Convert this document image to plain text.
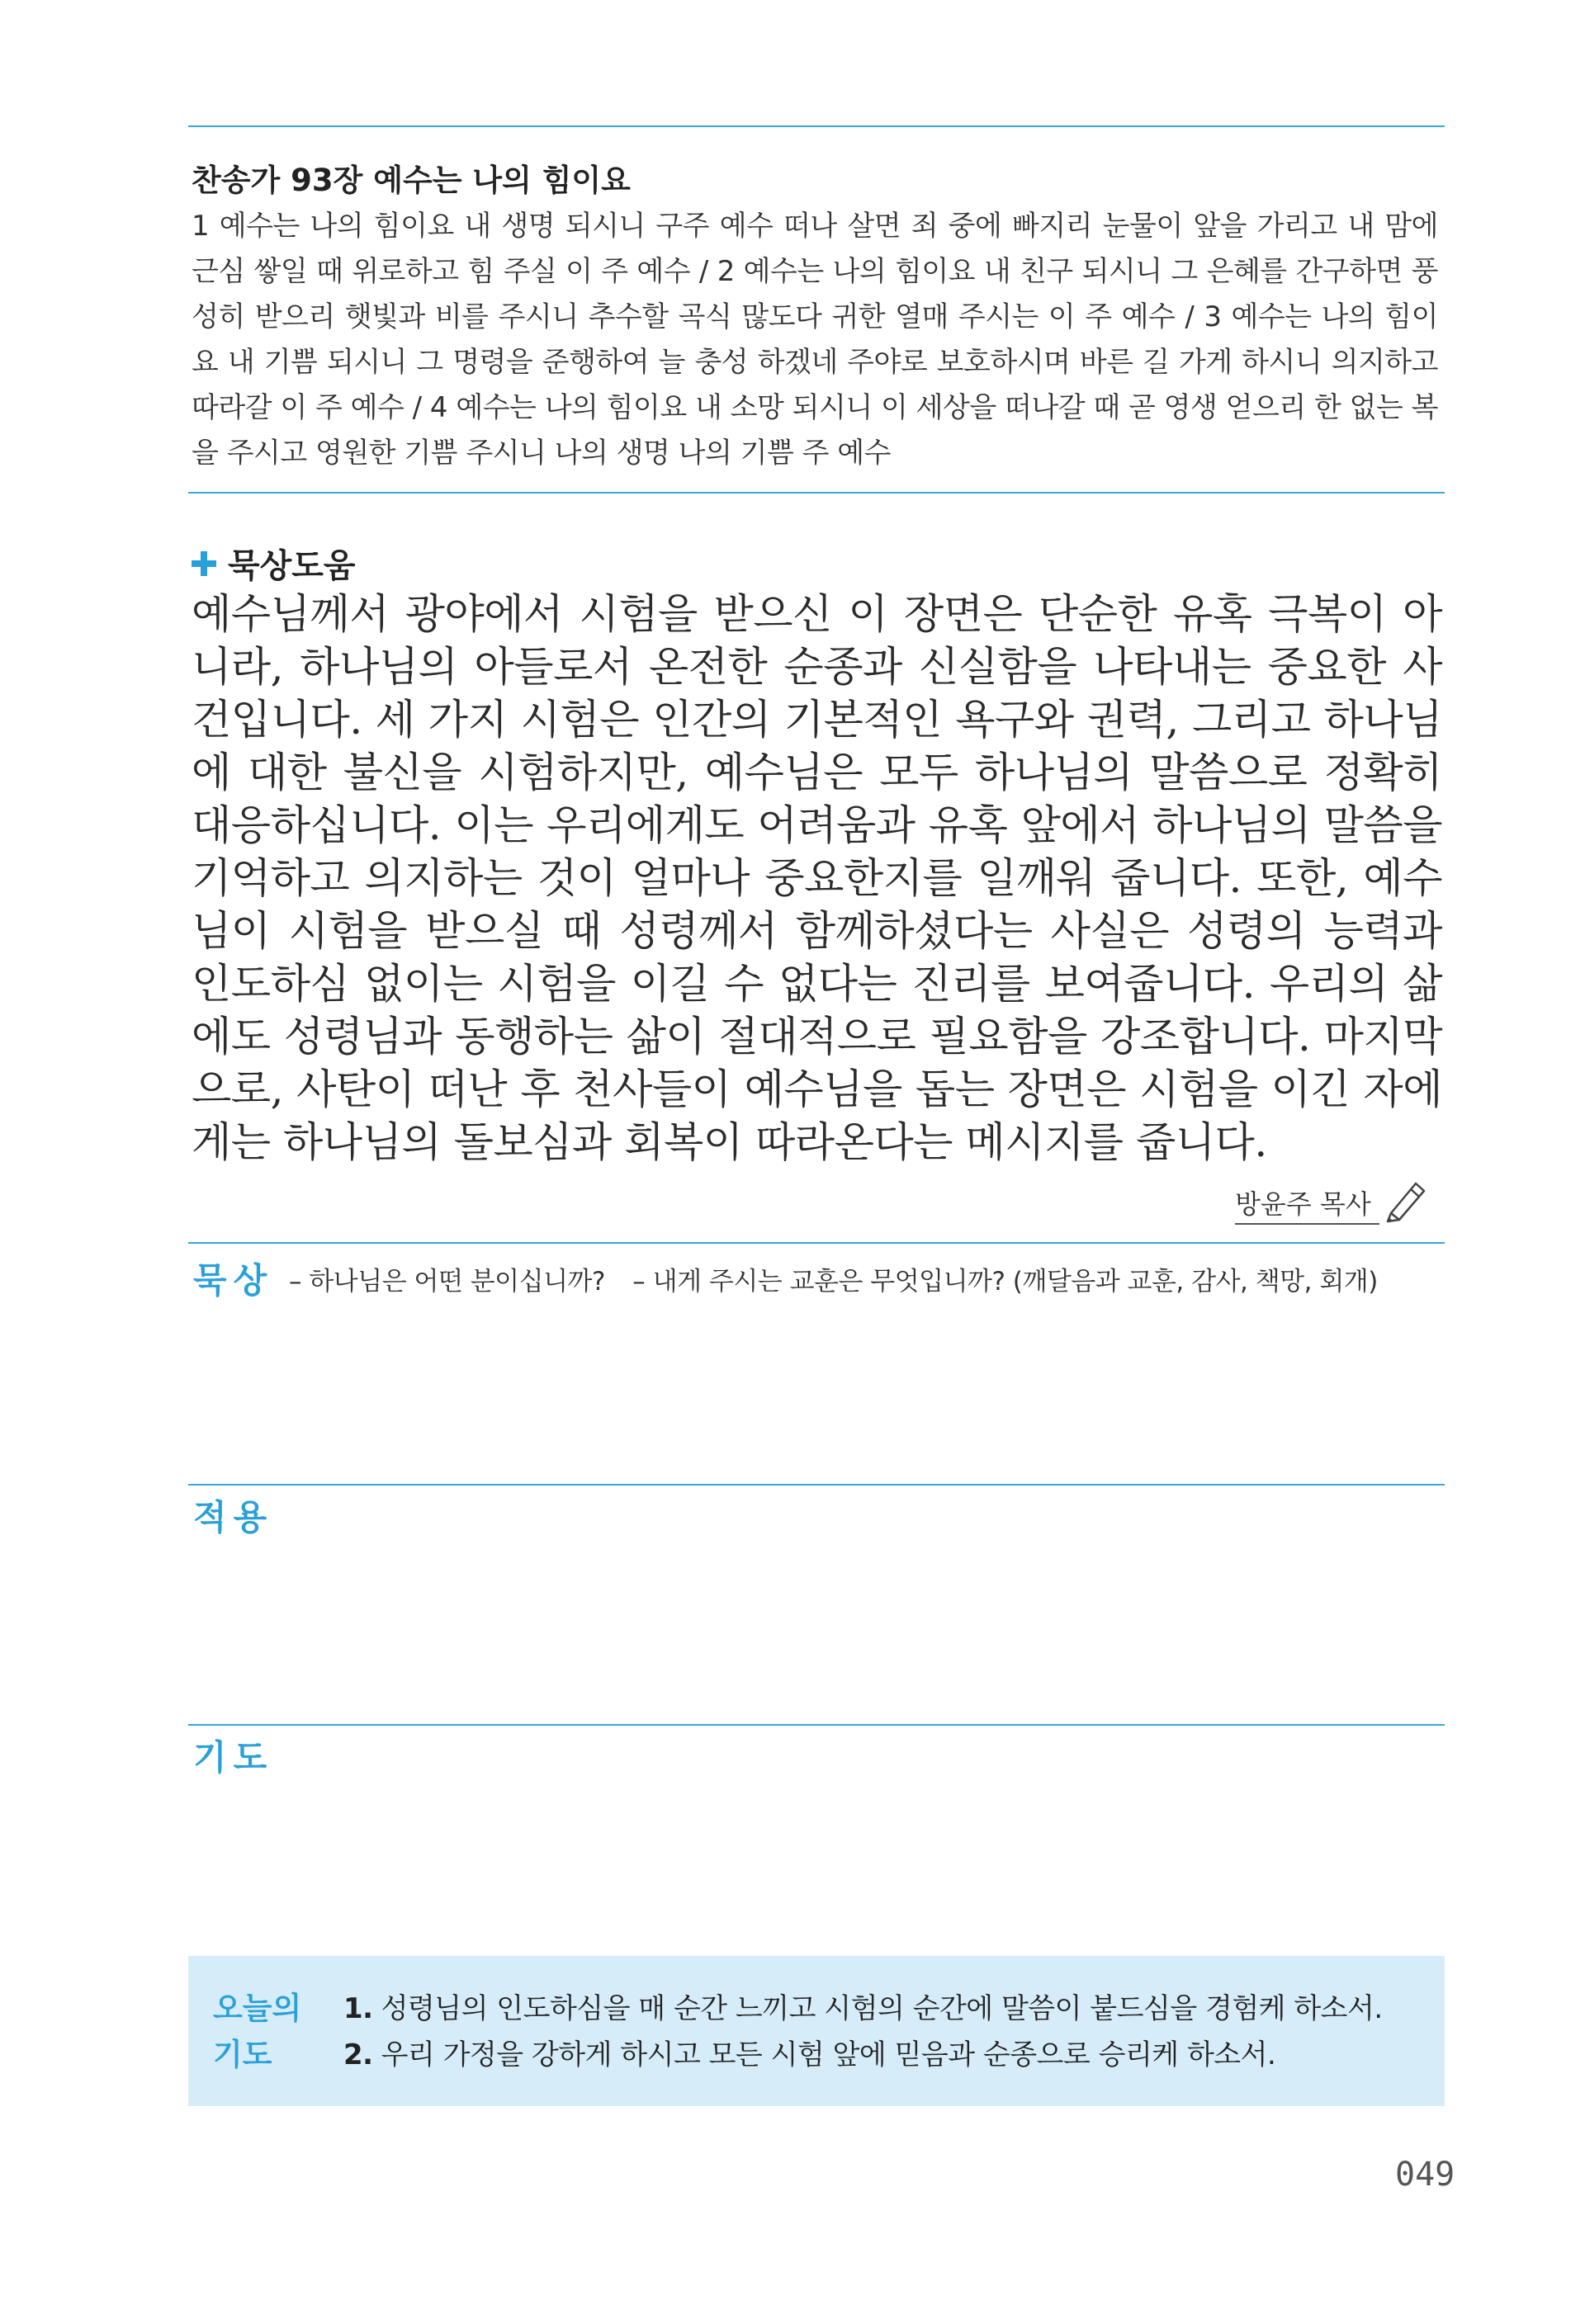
찬송가 93장 예수는 나의 힘이요
1 예수는 나의 힘이요 내 생명 되시니 구주 예수 떠나 살면 죄 중에 빠지리 눈물이 앞을 가리고 내 맘에 근심 쌓일 때 위로하고 힘 주실 이 주 예수 / 2 예수는 나의 힘이요 내 친구 되시니 그 은혜를 간구하면 풍성히 받으리 햇빛과 비를 주시니 추수할 곡식 많도다 귀한 열매 주시는 이 주 예수 / 3 예수는 나의 힘이요 내 기쁨 되시니 그 명령을 준행하여 늘 충성 하겠네 주야로 보호하시며 바른 길 가게 하시니 의지하고 따라갈 이 주 예수 / 4 예수는 나의 힘이요 내 소망 되시니 이 세상을 떠나갈 때 곧 영생 얻으리 한 없는 복을 주시고 영원한 기쁨 주시니 나의 생명 나의 기쁨 주 예수
묵상도움
예수님께서 광야에서 시험을 받으신 이 장면은 단순한 유혹 극복이 아니라, 하나님의 아들로서 온전한 순종과 신실함을 나타내는 중요한 사건입니다. 세 가지 시험은 인간의 기본적인 욕구와 권력, 그리고 하나님에 대한 불신을 시험하지만, 예수님은 모두 하나님의 말씀으로 정확히 대응하십니다. 이는 우리에게도 어려움과 유혹 앞에서 하나님의 말씀을 기억하고 의지하는 것이 얼마나 중요한지를 일깨워 줍니다. 또한, 예수님이 시험을 받으실 때 성령께서 함께하셨다는 사실은 성령의 능력과 인도하심 없이는 시험을 이길 수 없다는 진리를 보여줍니다. 우리의 삶에도 성령님과 동행하는 삶이 절대적으로 필요함을 강조합니다. 마지막으로, 사탄이 떠난 후 천사들이 예수님을 돕는 장면은 시험을 이긴 자에게는 하나님의 돌보심과 회복이 따라온다는 메시지를 줍니다.
방윤주 목사
묵상 – 하나님은 어떤 분이십니까? – 내게 주시는 교훈은 무엇입니까? (깨달음과 교훈, 감사, 책망, 회개)
적용
기도
오늘의
기도
1. 성령님의 인도하심을 매 순간 느끼고 시험의 순간에 말씀이 붙드심을 경험케 하소서.
2. 우리 가정을 강하게 하시고 모든 시험 앞에 믿음과 순종으로 승리케 하소서.
049
